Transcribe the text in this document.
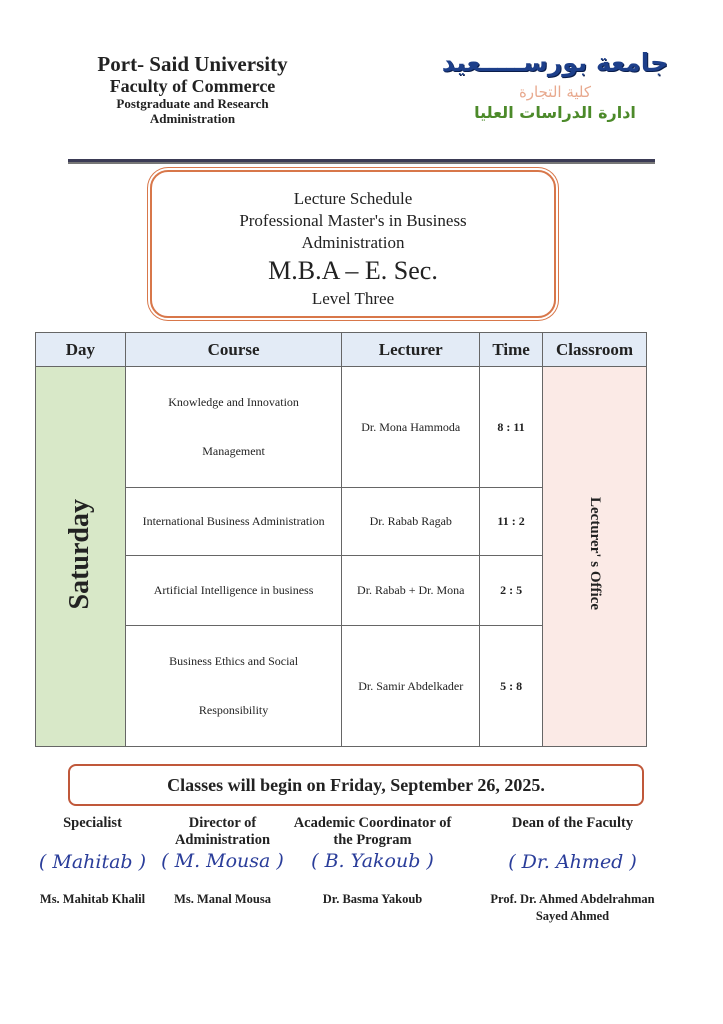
Port- Said University
Faculty of Commerce
Postgraduate and Research
Administration
جامعة بورســـــعيد
كلية التجارة
ادارة الدراسات العليا
Lecture Schedule
Professional Master's in Business
Administration
M.B.A – E. Sec.
Level Three
Day	Course	Lecturer	Time	Classroom
Saturday	Knowledge and Innovation
Management	Dr. Mona Hammoda	8 : 11	Lecturer' s Office
	International Business Administration	Dr. Rabab Ragab	11 : 2	
	Artificial Intelligence in business	Dr. Rabab + Dr. Mona	2 : 5	

	Business Ethics and Social
Responsibility	Dr. Samir Abdelkader	5 : 8	
Classes will begin on Friday, September 26, 2025.
Specialist
( Mahitab )
Ms. Mahitab Khalil
Director of Administration
( M. Mousa )
Ms. Manal Mousa
Academic Coordinator of the Program
( B. Yakoub )
Dr. Basma Yakoub
Dean of the Faculty
( Dr. Ahmed )
Prof. Dr. Ahmed Abdelrahman
Sayed Ahmed
